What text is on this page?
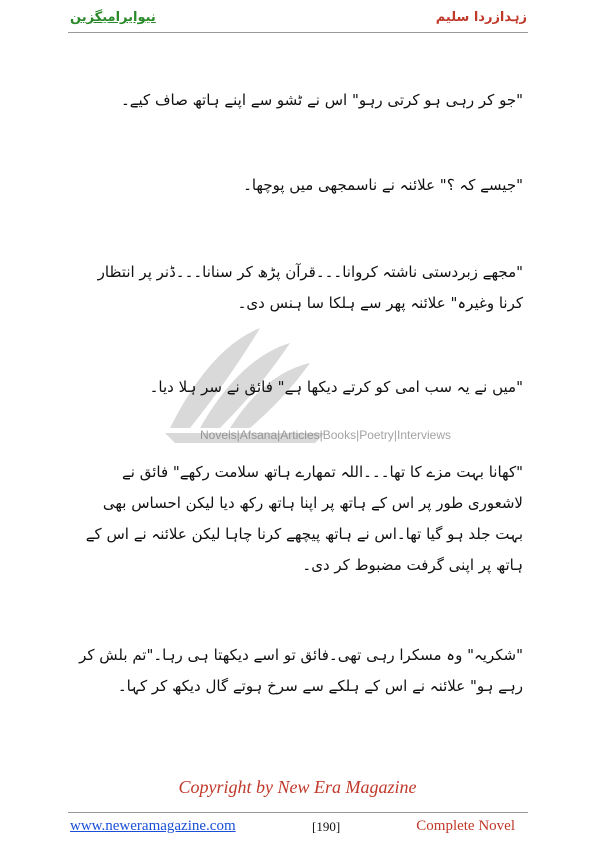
نیوایرامیگزین	زہدازردا سلیم
Novels|Afsana|Articles|Books|Poetry|Interviews
"جو کر رہی ہو کرتی رہو" اس نے ٹشو سے اپنے ہاتھ صاف کیے۔
"جیسے کہ ؟" علائنہ نے ناسمجھی میں پوچھا۔
"مجھے زبردستی ناشتہ کروانا۔۔۔قرآن پڑھ کر سنانا۔۔۔ڈنر پر انتظار کرنا وغیرہ" علائنہ پھر سے ہلکا سا ہنس دی۔
"میں نے یہ سب امی کو کرتے دیکھا ہے" فائق نے سر ہلا دیا۔
"کھانا بہت مزے کا تھا۔۔۔اللہ تمھارے ہاتھ سلامت رکھے" فائق نے لاشعوری طور پر اس کے ہاتھ پر اپنا ہاتھ رکھ دیا لیکن احساس بھی بہت جلد ہو گیا تھا۔اس نے ہاتھ پیچھے کرنا چاہا لیکن علائنہ نے اس کے ہاتھ پر اپنی گرفت مضبوط کر دی۔
"شکریہ" وہ مسکرا رہی تھی۔فائق تو اسے دیکھتا ہی رہا۔"تم بلش کر رہے ہو" علائنہ نے اس کے ہلکے سے سرخ ہوتے گال دیکھ کر کہا۔
Copyright by New Era Magazine
www.neweramagazine.com	[190]	Complete Novel
